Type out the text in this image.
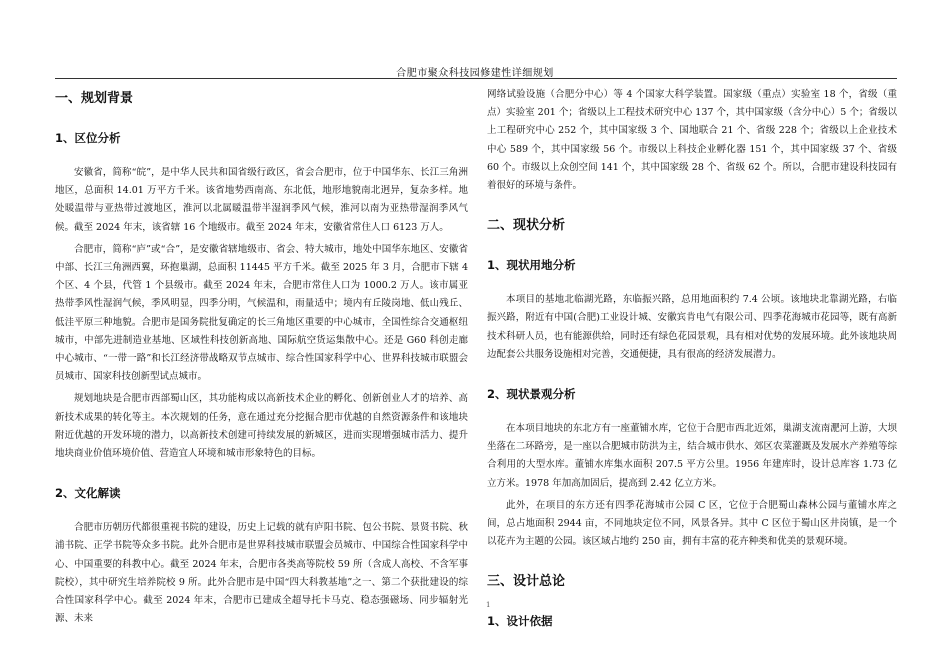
合肥市聚众科技园修建性详细规划
一、规划背景
1、区位分析

安徽省，简称“皖”，是中华人民共和国省级行政区，省会合肥市，位于中国华东、长江三角洲地区，总面积 14.01 万平方千米。该省地势西南高、东北低，地形地貌南北迥异，复杂多样。地处暖温带与亚热带过渡地区，淮河以北属暖温带半湿润季风气候，淮河以南为亚热带湿润季风气候。截至 2024 年末，该省辖 16 个地级市。截至 2024 年末，安徽省常住人口 6123 万人。

合肥市，简称“庐”或“合”，是安徽省辖地级市、省会、特大城市，地处中国华东地区、安徽省中部、长江三角洲西翼，环抱巢湖，总面积 11445 平方千米。截至 2025 年 3 月，合肥市下辖 4 个区、4 个县，代管 1 个县级市。截至 2024 年末，合肥市常住人口为 1000.2 万人。该市属亚热带季风性湿润气候，季风明显，四季分明，气候温和，雨量适中；境内有丘陵岗地、低山残丘、低洼平原三种地貌。合肥市是国务院批复确定的长三角地区重要的中心城市，全国性综合交通枢纽城市，中部先进制造业基地、区域性科技创新高地、国际航空货运集散中心。还是 G60 科创走廊中心城市、“一带一路”和长江经济带战略双节点城市、综合性国家科学中心、世界科技城市联盟会员城市、国家科技创新型试点城市。

规划地块是合肥市西部蜀山区，其功能构成以高新技术企业的孵化、创新创业人才的培养、高新技术成果的转化等主。本次规划的任务，意在通过充分挖掘合肥市优越的自然资源条件和该地块附近优越的开发环境的潜力，以高新技术创建可持续发展的新城区，进而实现增强城市活力、提升地块商业价值环境价值、营造宜人环境和城市形象特色的目标。

2、文化解读

合肥市历朝历代都很重视书院的建设，历史上记载的就有庐阳书院、包公书院、景贤书院、秋浦书院、正学书院等众多书院。此外合肥市是世界科技城市联盟会员城市、中国综合性国家科学中心、中国重要的科教中心。截至 2024 年末，合肥市各类高等院校 59 所（含成人高校、不含军事院校），其中研究生培养院校 9 所。此外合肥市是中国“四大科教基地”之一、第二个获批建设的综合性国家科学中心。截至 2024 年末，合肥市已建成全超导托卡马克、稳态强磁场、同步辐射光源、未来

网络试验设施（合肥分中心）等 4 个国家大科学装置。国家级（重点）实验室 18 个，省级（重点）实验室 201 个；省级以上工程技术研究中心 137 个，其中国家级（含分中心）5 个；省级以上工程研究中心 252 个，其中国家级 3 个、国地联合 21 个、省级 228 个；省级以上企业技术中心 589 个，其中国家级 56 个。市级以上科技企业孵化器 151 个，其中国家级 37 个、省级 60 个。市级以上众创空间 141 个，其中国家级 28 个、省级 62 个。所以，合肥市建设科技园有着很好的环境与条件。

二、现状分析
1、现状用地分析

本项目的基地北临湖光路，东临振兴路，总用地面积约 7.4 公顷。该地块北靠湖光路，右临振兴路，附近有中国(合肥)工业设计城、安徽宾肯电气有限公司、四季花海城市花园等，既有高新技术科研人员，也有能源供给，同时还有绿色花园景观，具有相对优势的发展环境。此外该地块周边配套公共服务设施相对完善，交通便捷，具有很高的经济发展潜力。

2、现状景观分析

在本项目地块的东北方有一座董铺水库，它位于合肥市西北近郊，巢湖支流南淝河上游，大坝坐落在二环路旁，是一座以合肥城市防洪为主，结合城市供水、郊区农菜灌溉及发展水产养殖等综合利用的大型水库。董铺水库集水面积 207.5 平方公里。1956 年建库时，设计总库容 1.73 亿立方米。1978 年加高加固后，提高到 2.42 亿立方米。

此外，在项目的东方还有四季花海城市公园 C 区，它位于合肥蜀山森林公园与董铺水库之间，总占地面积 2944 亩，不同地块定位不同，风景各异。其中 C 区位于蜀山区井岗镇，是一个以花卉为主题的公园。该区域占地约 250 亩，拥有丰富的花卉种类和优美的景观环境。

三、设计总论
1、设计依据
1
